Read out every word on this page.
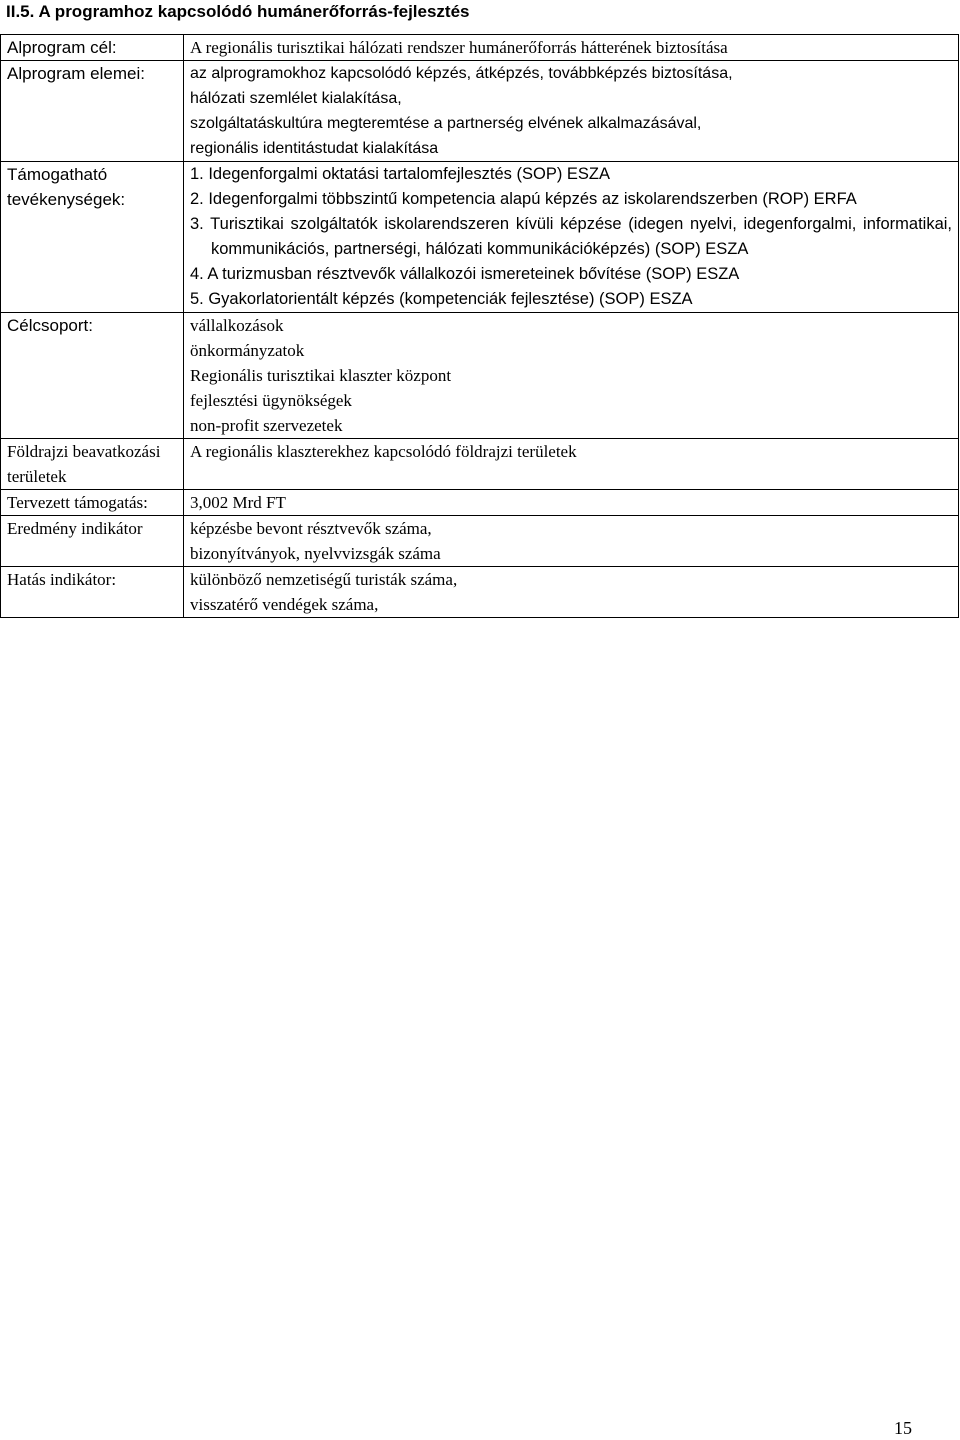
II.5. A programhoz kapcsolódó humánerőforrás-fejlesztés
Alprogram cél:	A regionális turisztikai hálózati rendszer humánerőforrás hátterének biztosítása

Alprogram elemei:	az alprogramokhoz kapcsolódó képzés, átképzés, továbbképzés biztosítása,
hálózati szemlélet kialakítása,
szolgáltatáskultúra megteremtése a partnerség elvének alkalmazásával,
regionális identitástudat kialakítása

Támogatható tevékenységek:	1. Idegenforgalmi oktatási tartalomfejlesztés (SOP) ESZA
2. Idegenforgalmi többszintű kompetencia alapú képzés az iskolarendszerben (ROP) ERFA
3. Turisztikai szolgáltatók iskolarendszeren kívüli képzése (idegen nyelvi, idegenforgalmi, informatikai, kommunikációs, partnerségi, hálózati kommunikációképzés) (SOP) ESZA
4. A turizmusban résztvevők vállalkozói ismereteinek bővítése (SOP) ESZA
5. Gyakorlatorientált képzés (kompetenciák fejlesztése) (SOP) ESZA

Célcsoport:	vállalkozások
önkormányzatok
Regionális turisztikai klaszter központ
fejlesztési ügynökségek
non-profit szervezetek

Földrajzi beavatkozási területek	A regionális klaszterekhez kapcsolódó földrajzi területek

Tervezett támogatás:	3,002 Mrd FT

Eredmény indikátor	képzésbe bevont résztvevők száma,
bizonyítványok, nyelvvizsgák száma

Hatás indikátor:	különböző nemzetiségű turisták száma,
visszatérő vendégek száma,
15
